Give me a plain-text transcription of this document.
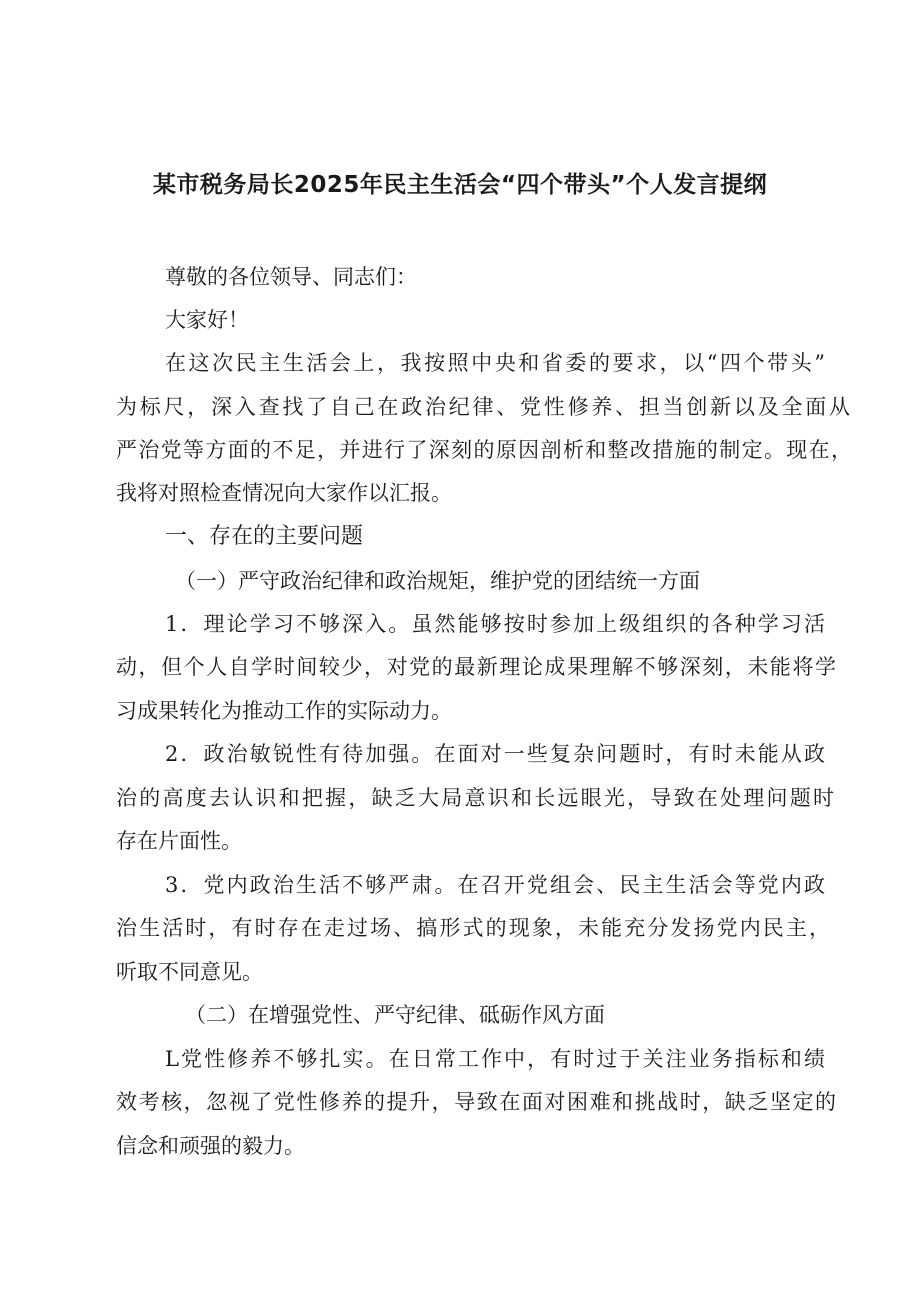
某市税务局长2025年民主生活会“四个带头”个人发言提纲
尊敬的各位领导、同志们：
大家好！
在这次民主生活会上，我按照中央和省委的要求，以“四个带头”
为标尺，深入查找了自己在政治纪律、党性修养、担当创新以及全面从
严治党等方面的不足，并进行了深刻的原因剖析和整改措施的制定。现在，
我将对照检查情况向大家作以汇报。
一、存在的主要问题
（一）严守政治纪律和政治规矩，维护党的团结统一方面
1．理论学习不够深入。虽然能够按时参加上级组织的各种学习活
动，但个人自学时间较少，对党的最新理论成果理解不够深刻，未能将学
习成果转化为推动工作的实际动力。
2．政治敏锐性有待加强。在面对一些复杂问题时，有时未能从政
治的高度去认识和把握，缺乏大局意识和长远眼光，导致在处理问题时
存在片面性。
3．党内政治生活不够严肃。在召开党组会、民主生活会等党内政
治生活时，有时存在走过场、搞形式的现象，未能充分发扬党内民主，
听取不同意见。
（二）在增强党性、严守纪律、砥砺作风方面
L党性修养不够扎实。在日常工作中，有时过于关注业务指标和绩
效考核，忽视了党性修养的提升，导致在面对困难和挑战时，缺乏坚定的
信念和顽强的毅力。
